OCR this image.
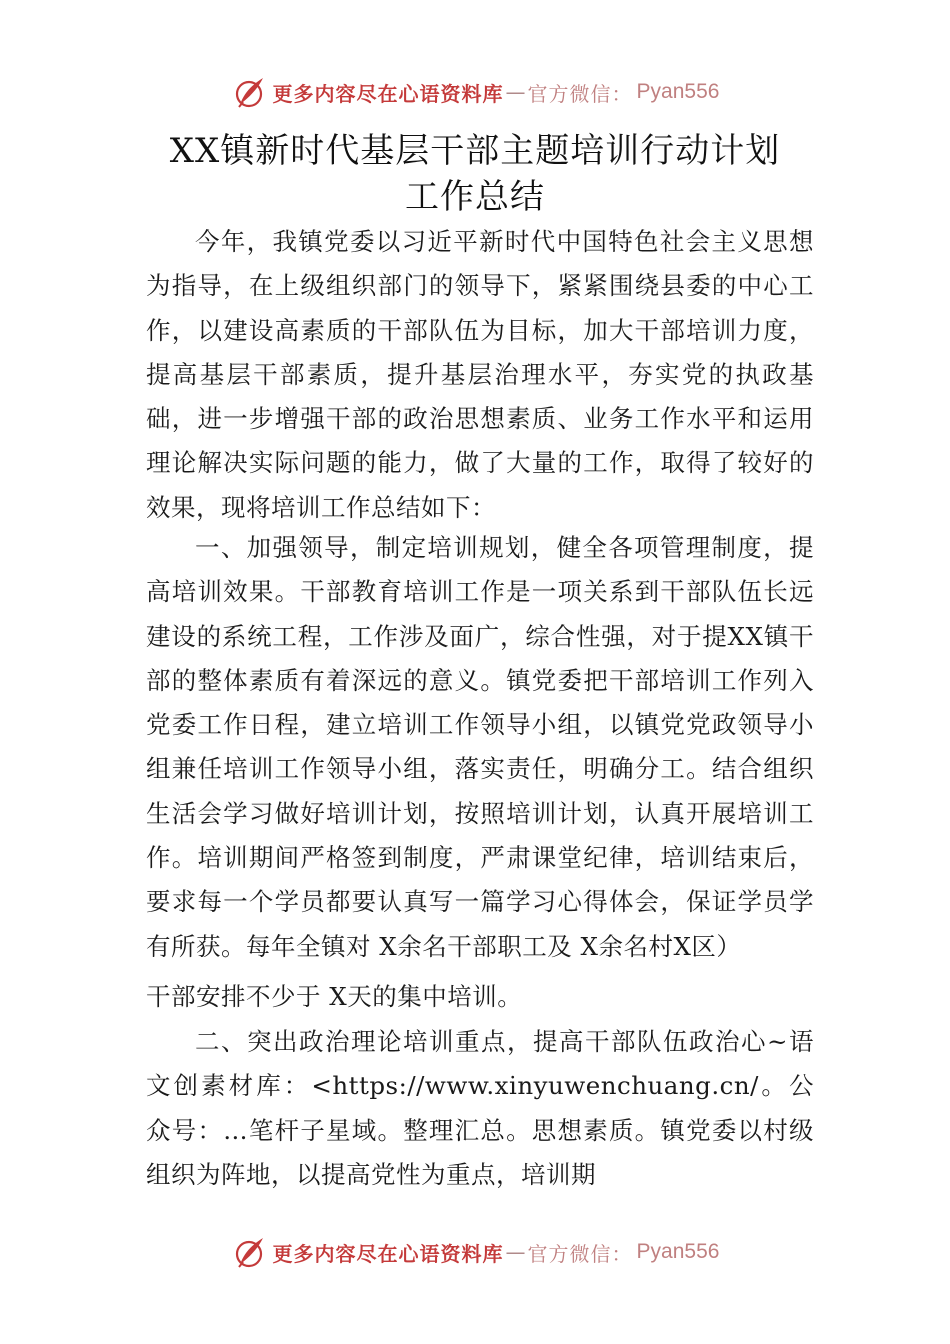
更多内容尽在心语资料库 — 官方微信： Pyan556
XX镇新时代基层干部主题培训行动计划
工作总结

今年，我镇党委以习近平新时代中国特色社会主义思想为指导，在上级组织部门的领导下，紧紧围绕县委的中心工作，以建设高素质的干部队伍为目标，加大干部培训力度，提高基层干部素质，提升基层治理水平，夯实党的执政基础，进一步增强干部的政治思想素质、业务工作水平和运用理论解决实际问题的能力，做了大量的工作，取得了较好的效果，现将培训工作总结如下：

一、加强领导，制定培训规划，健全各项管理制度，提高培训效果。干部教育培训工作是一项关系到干部队伍长远建设的系统工程，工作涉及面广，综合性强，对于提XX镇干部的整体素质有着深远的意义。镇党委把干部培训工作列入党委工作日程，建立培训工作领导小组，以镇党党政领导小组兼任培训工作领导小组，落实责任，明确分工。结合组织生活会学习做好培训计划，按照培训计划，认真开展培训工作。培训期间严格签到制度，严肃课堂纪律，培训结束后，要求每一个学员都要认真写一篇学习心得体会，保证学员学有所获。每年全镇对 X余名干部职工及 X余名村X区）

干部安排不少于 X天的集中培训。

二、突出政治理论培训重点，提高干部队伍政治心~语文创素材库：<https://www.xinyuwenchuang.cn/。公众号：…笔杆子星域。整理汇总。思想素质。镇党委以村级组织为阵地，以提高党性为重点，培训期

更多内容尽在心语资料库 — 官方微信： Pyan556
